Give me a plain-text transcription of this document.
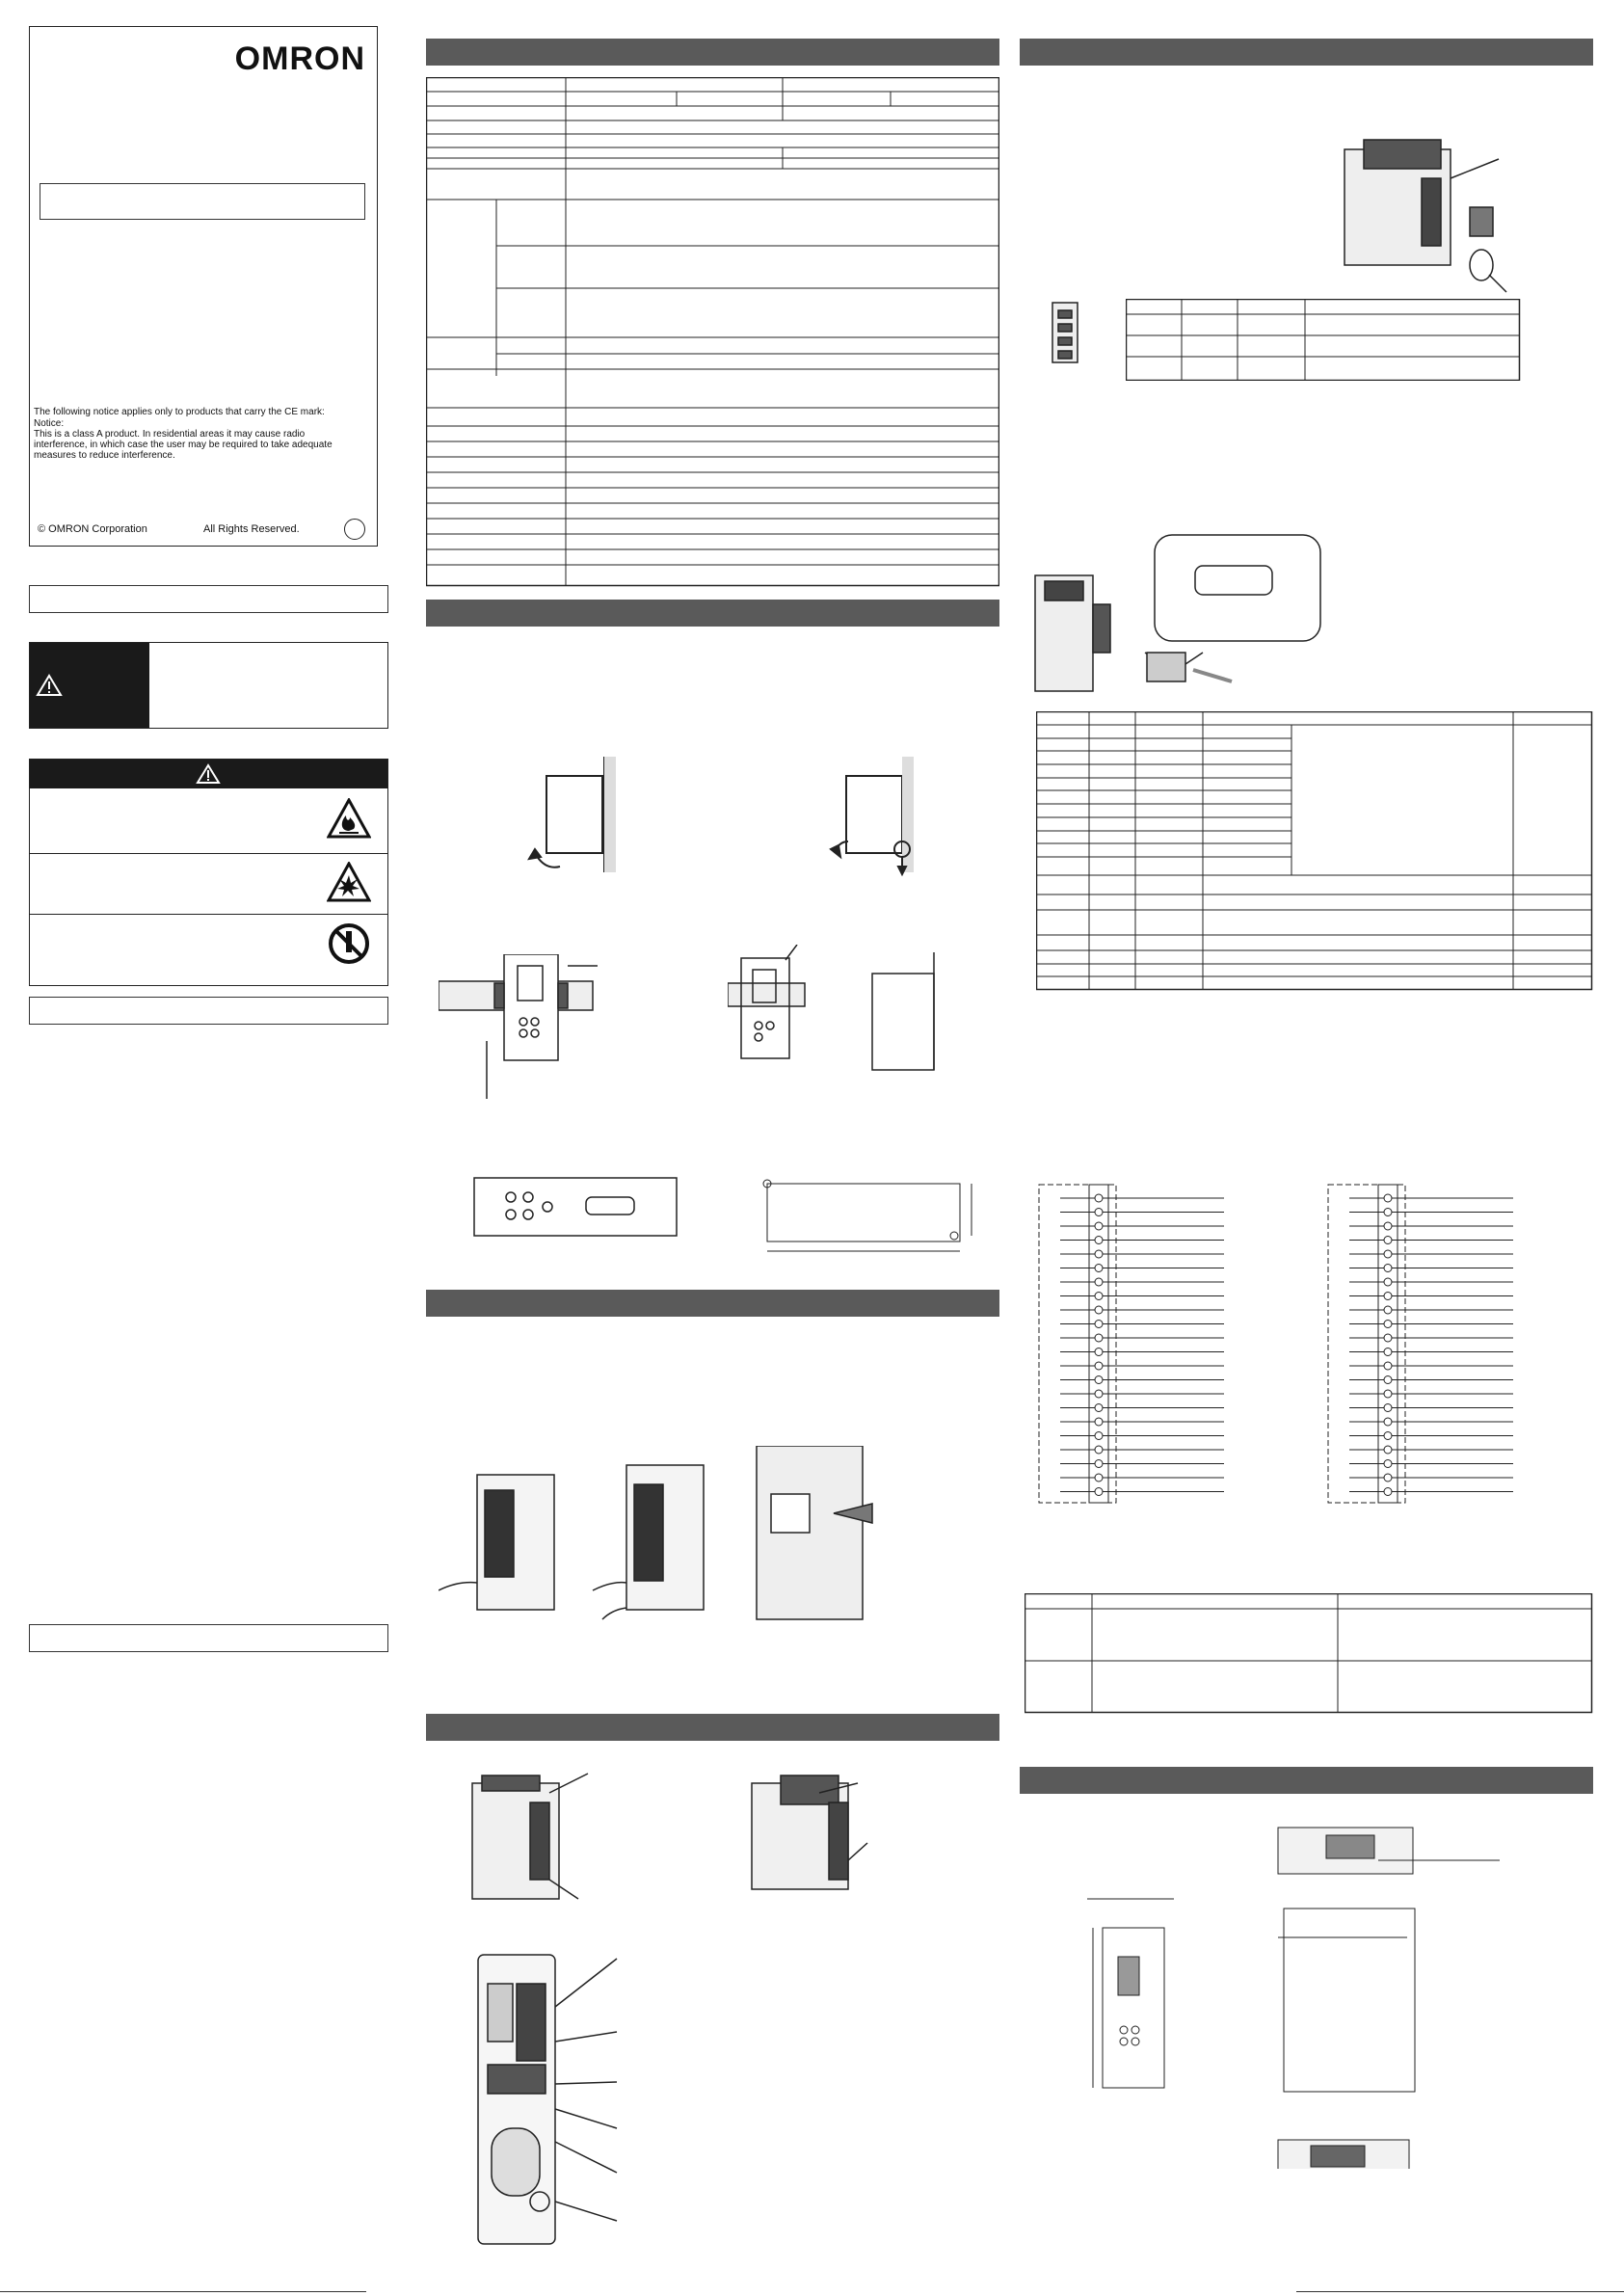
OMRON
The following notice applies only to products that carry the CE mark:
Notice:
This is a class A product. In residential areas it may cause radio
interference, in which case the user may be required to take adequate
measures to reduce interference.
© OMRON Corporation	All Rights Reserved.
